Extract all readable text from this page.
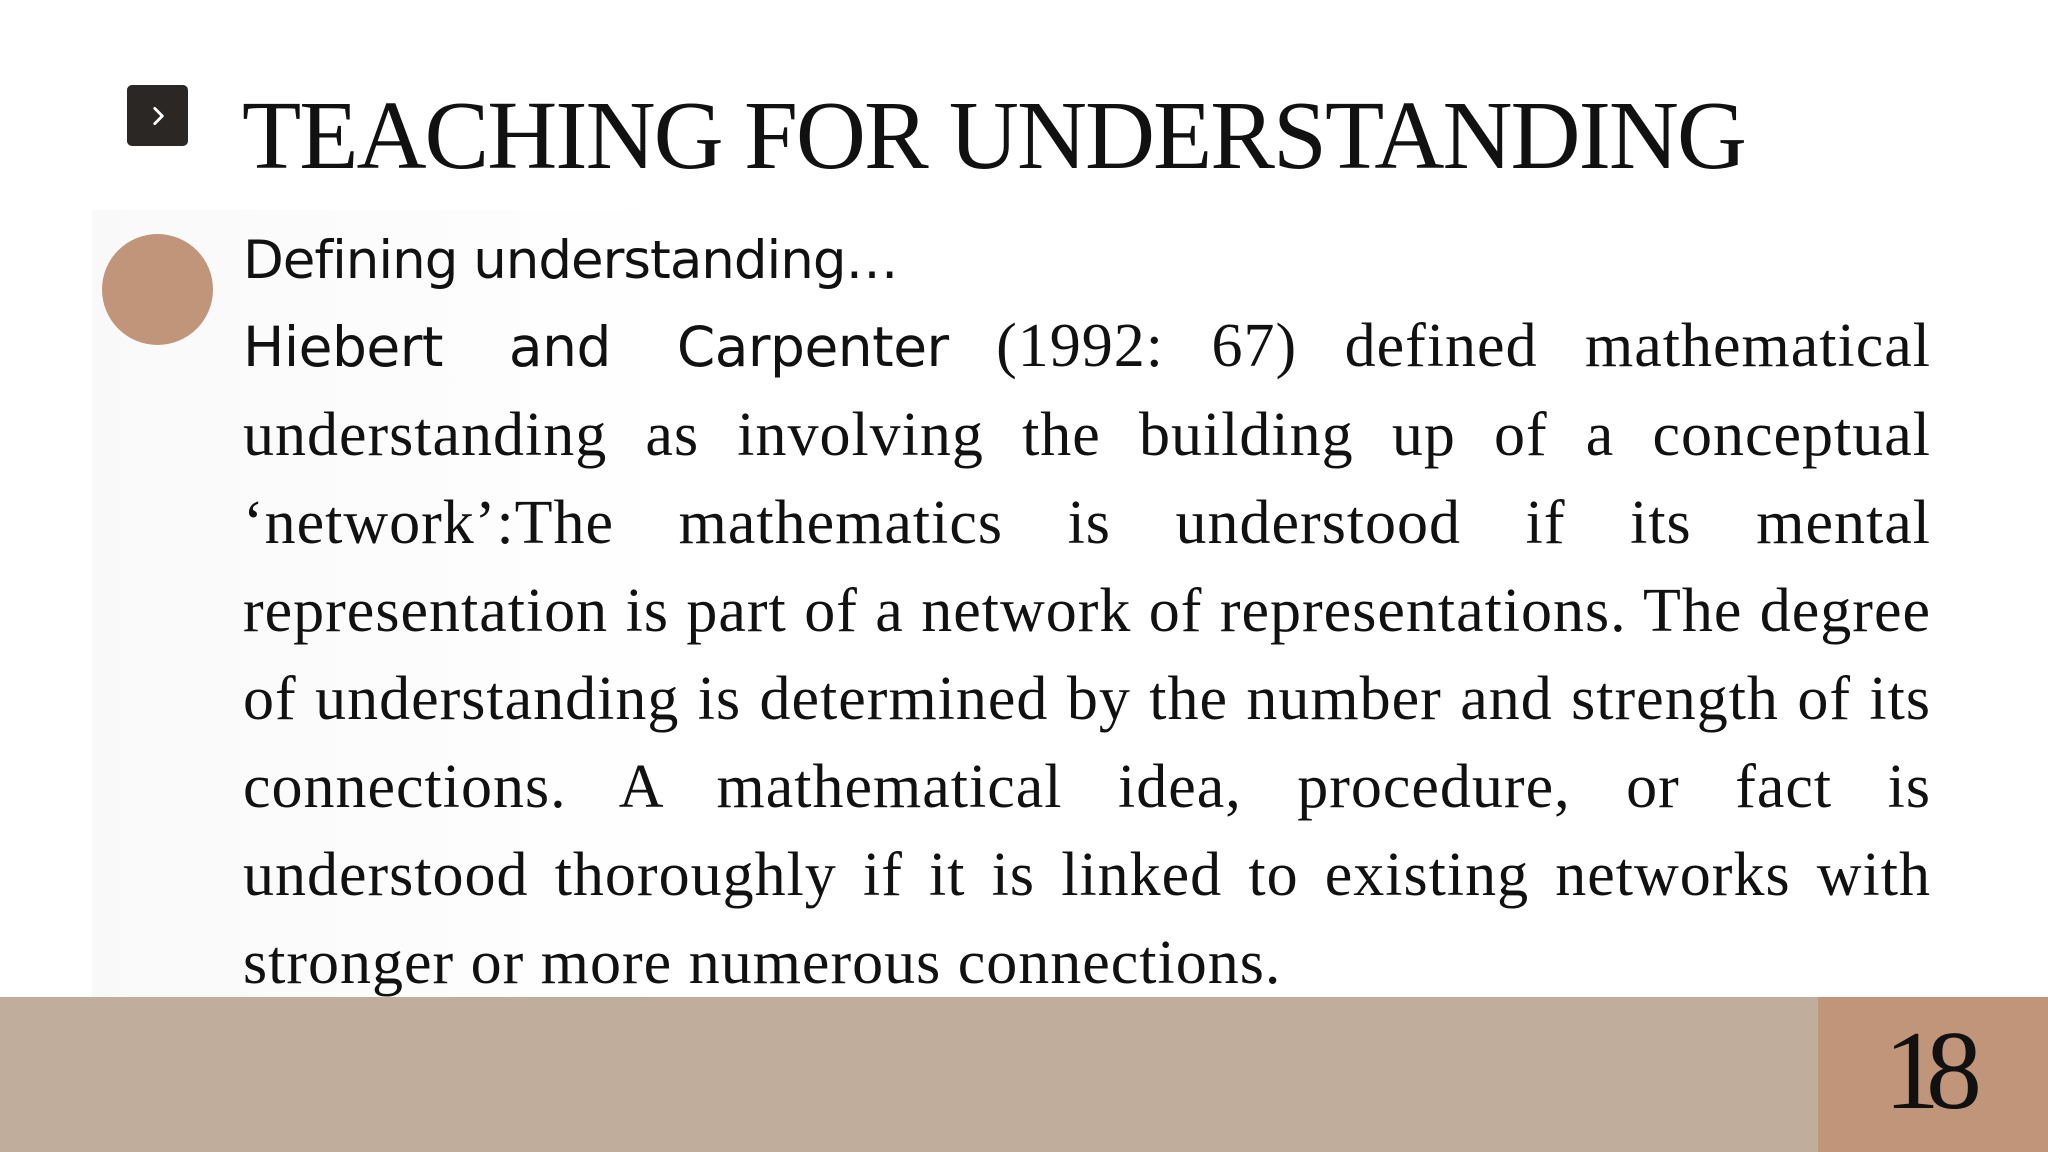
TEACHING FOR UNDERSTANDING
Defining understanding…
Hiebert and Carpenter (1992: 67) defined mathematical understanding as involving the building up of a conceptual ‘network’:The mathematics is understood if its mental representation is part of a network of representations. The degree of understanding is determined by the number and strength of its connections. A mathematical idea, procedure, or fact is understood thoroughly if it is linked to existing networks with stronger or more numerous connections.
18
